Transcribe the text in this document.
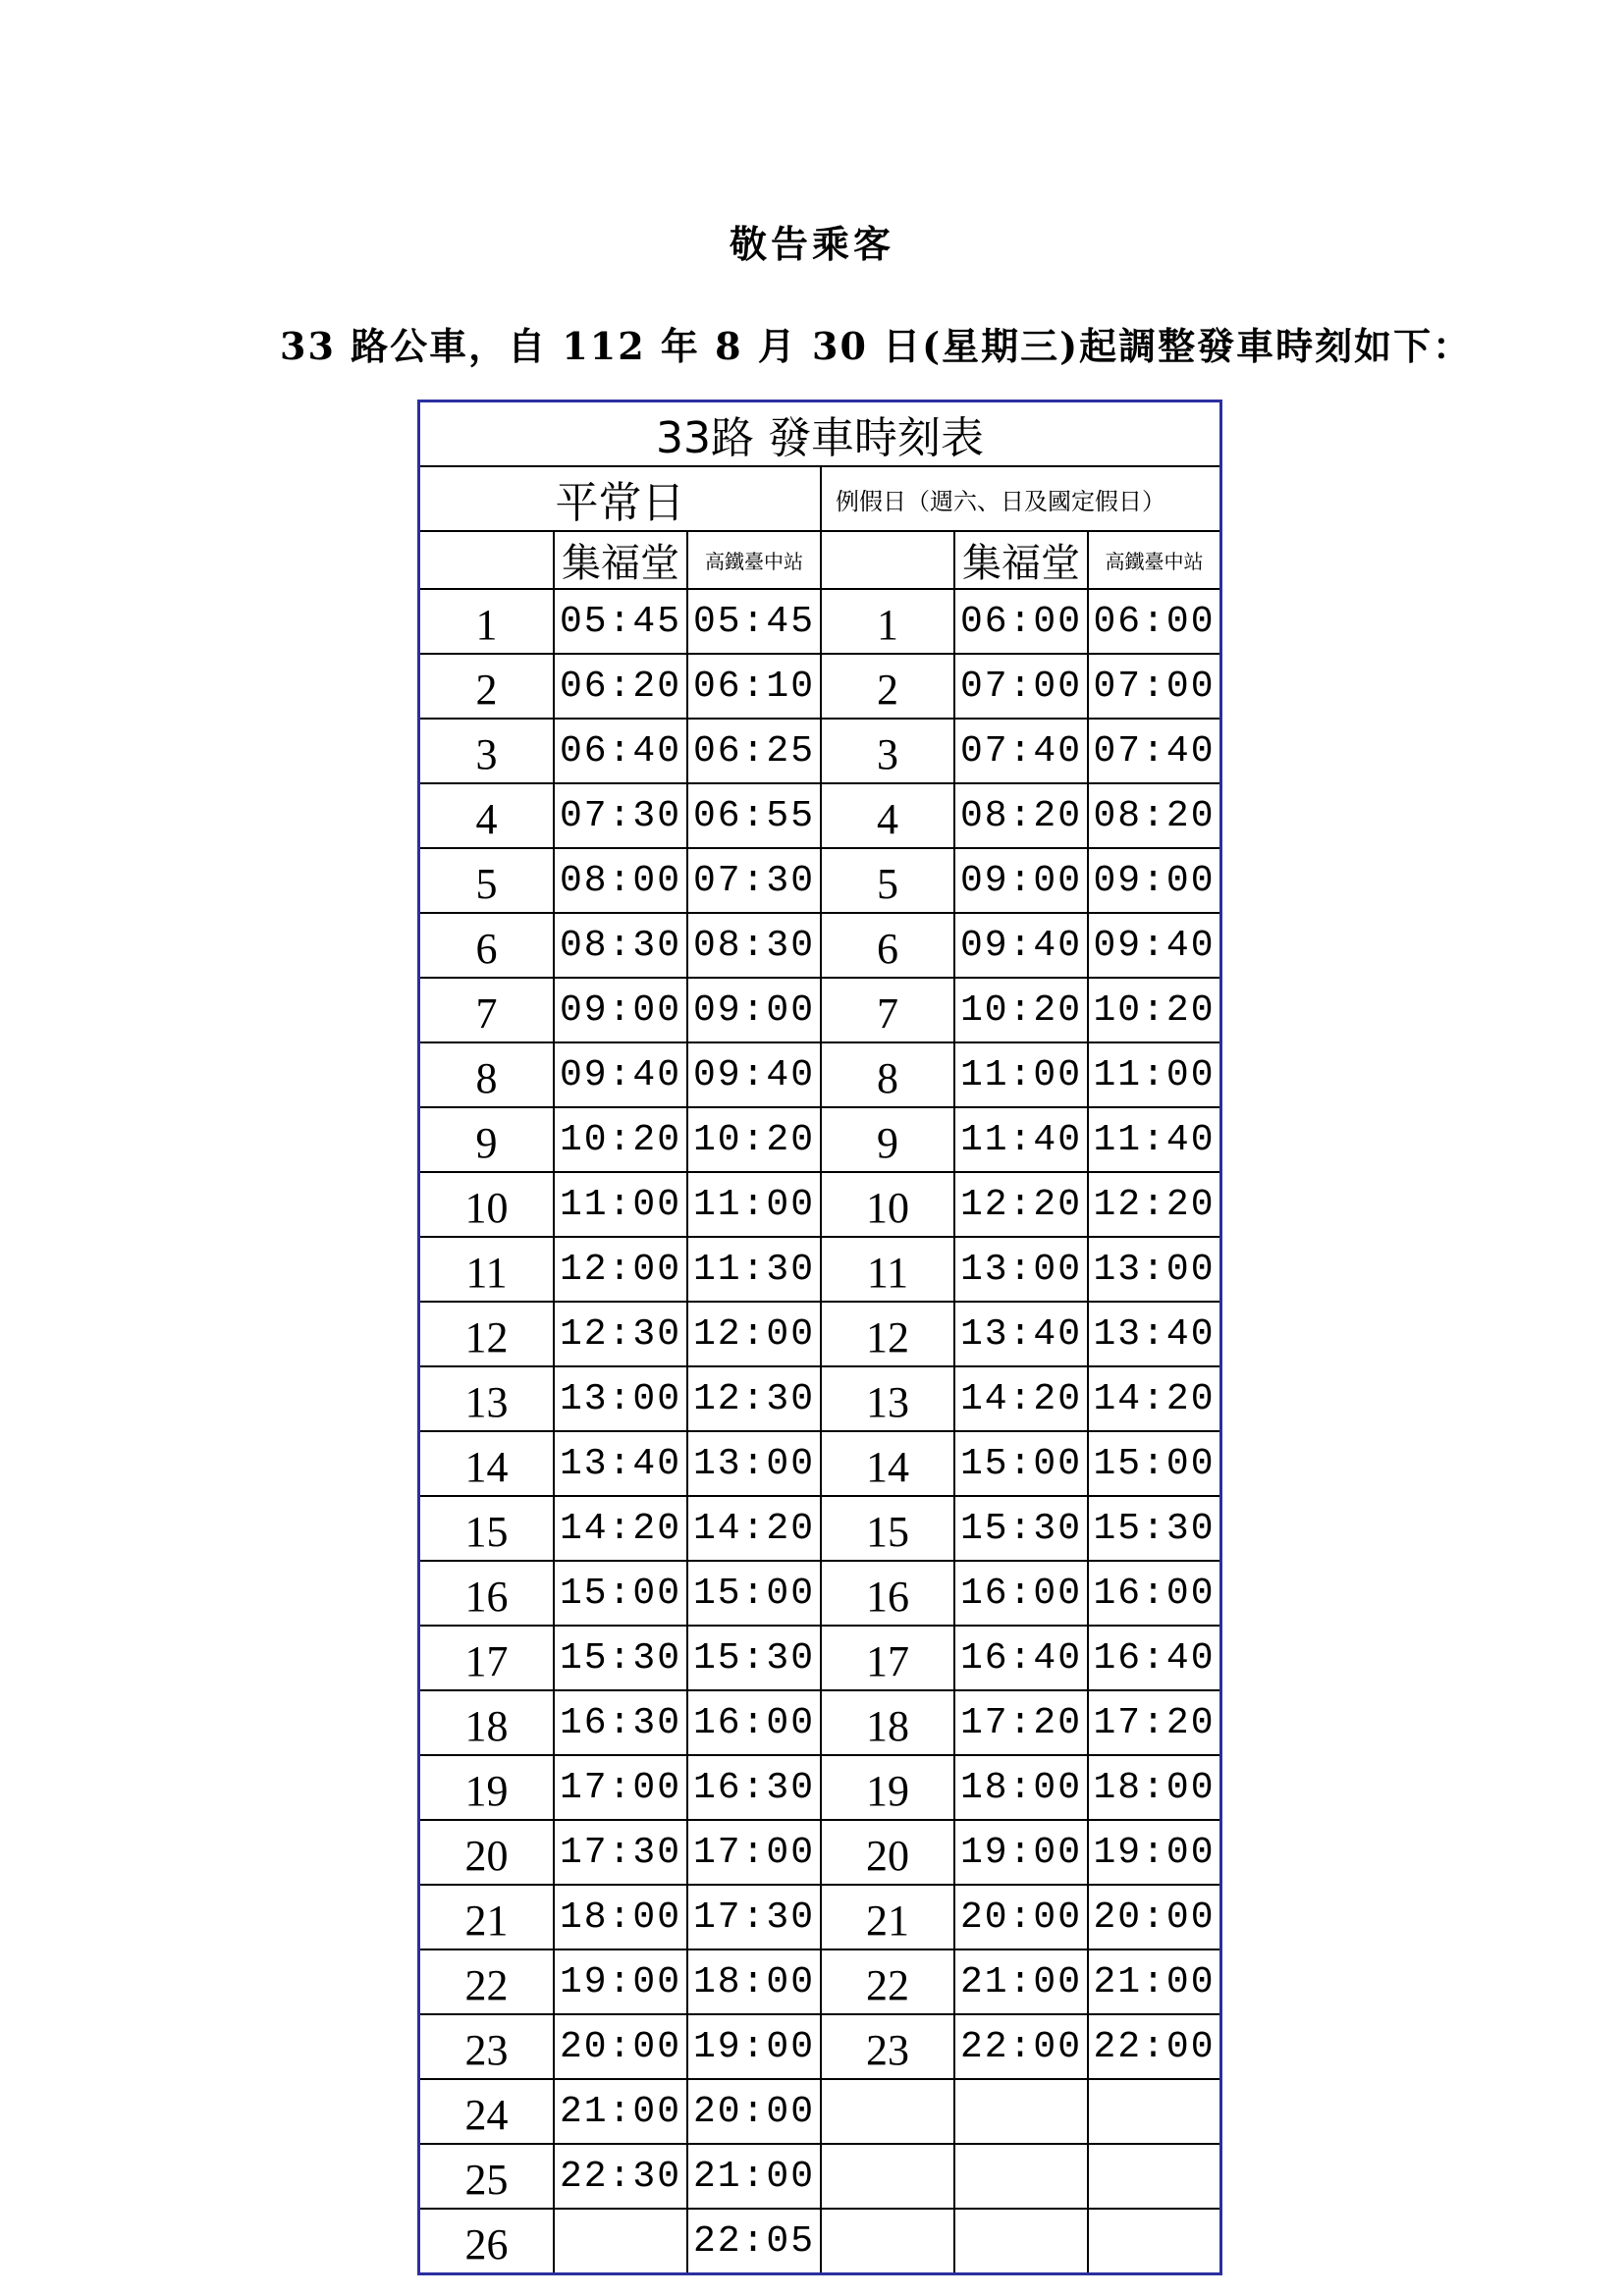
敬告乘客
33 路公車，自 112 年 8 月 30 日(星期三)起調整發車時刻如下：
33路 發車時刻表					
平常日			例假日（週六、日及國定假日）		
	集福堂	高鐵臺中站		集福堂	高鐵臺中站
1	05:45	05:45	1	06:00	06:00
2	06:20	06:10	2	07:00	07:00
3	06:40	06:25	3	07:40	07:40
4	07:30	06:55	4	08:20	08:20
5	08:00	07:30	5	09:00	09:00
6	08:30	08:30	6	09:40	09:40
7	09:00	09:00	7	10:20	10:20
8	09:40	09:40	8	11:00	11:00
9	10:20	10:20	9	11:40	11:40
10	11:00	11:00	10	12:20	12:20
11	12:00	11:30	11	13:00	13:00
12	12:30	12:00	12	13:40	13:40
13	13:00	12:30	13	14:20	14:20
14	13:40	13:00	14	15:00	15:00
15	14:20	14:20	15	15:30	15:30
16	15:00	15:00	16	16:00	16:00
17	15:30	15:30	17	16:40	16:40
18	16:30	16:00	18	17:20	17:20
19	17:00	16:30	19	18:00	18:00
20	17:30	17:00	20	19:00	19:00
21	18:00	17:30	21	20:00	20:00
22	19:00	18:00	22	21:00	21:00
23	20:00	19:00	23	22:00	22:00
24	21:00	20:00			
25	22:30	21:00			
26		22:05			
